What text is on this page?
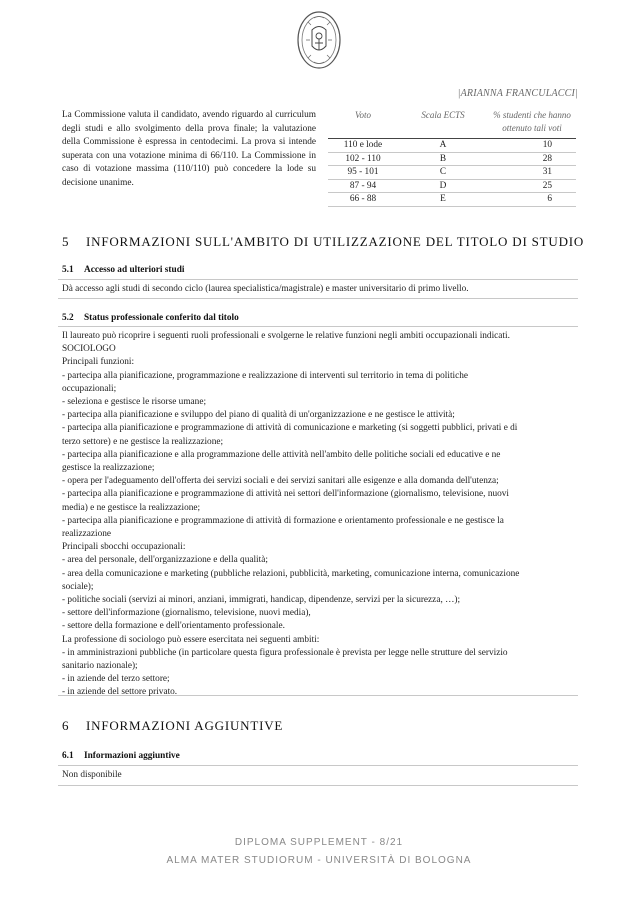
|ARIANNA FRANCULACCI|
La Commissione valuta il candidato, avendo riguardo al curriculum degli studi e allo svolgimento della prova finale; la valutazione della Commissione è espressa in centodecimi. La prova si intende superata con una votazione minima di 66/110. La Commissione in caso di votazione massima (110/110) può concedere la lode su decisione unanime.
Voto	Scala ECTS	% studenti che hanno ottenuto tali voti
110 e lode	A	10
102 - 110	B	28
95 - 101	C	31
87 - 94	D	25
66 - 88	E	6
5 INFORMAZIONI SULL'AMBITO DI UTILIZZAZIONE DEL TITOLO DI STUDIO
5.1 Accesso ad ulteriori studi
Dà accesso agli studi di secondo ciclo (laurea specialistica/magistrale) e master universitario di primo livello.
5.2 Status professionale conferito dal titolo
Il laureato può ricoprire i seguenti ruoli professionali e svolgerne le relative funzioni negli ambiti occupazionali indicati.
SOCIOLOGO
Principali funzioni:
- partecipa alla pianificazione, programmazione e realizzazione di interventi sul territorio in tema di politiche
occupazionali;
- seleziona e gestisce le risorse umane;
- partecipa alla pianificazione e sviluppo del piano di qualità di un'organizzazione e ne gestisce le attività;
- partecipa alla pianificazione e programmazione di attività di comunicazione e marketing (si soggetti pubblici, privati e di
terzo settore) e ne gestisce la realizzazione;
- partecipa alla pianificazione e alla programmazione delle attività nell'ambito delle politiche sociali ed educative e ne
gestisce la realizzazione;
- opera per l'adeguamento dell'offerta dei servizi sociali e dei servizi sanitari alle esigenze e alla domanda dell'utenza;
- partecipa alla pianificazione e programmazione di attività nei settori dell'informazione (giornalismo, televisione, nuovi
media) e ne gestisce la realizzazione;
- partecipa alla pianificazione e programmazione di attività di formazione e orientamento professionale e ne gestisce la
realizzazione
Principali sbocchi occupazionali:
- area del personale, dell'organizzazione e della qualità;
- area della comunicazione e marketing (pubbliche relazioni, pubblicità, marketing, comunicazione interna, comunicazione
sociale);
- politiche sociali (servizi ai minori, anziani, immigrati, handicap, dipendenze, servizi per la sicurezza, …);
- settore dell'informazione (giornalismo, televisione, nuovi media),
- settore della formazione e dell'orientamento professionale.
La professione di sociologo può essere esercitata nei seguenti ambiti:
- in amministrazioni pubbliche (in particolare questa figura professionale è prevista per legge nelle strutture del servizio
sanitario nazionale);
- in aziende del terzo settore;
- in aziende del settore privato.
6 INFORMAZIONI AGGIUNTIVE
6.1 Informazioni aggiuntive
Non disponibile
DIPLOMA SUPPLEMENT - 8/21
ALMA MATER STUDIORUM - UNIVERSITÀ DI BOLOGNA
